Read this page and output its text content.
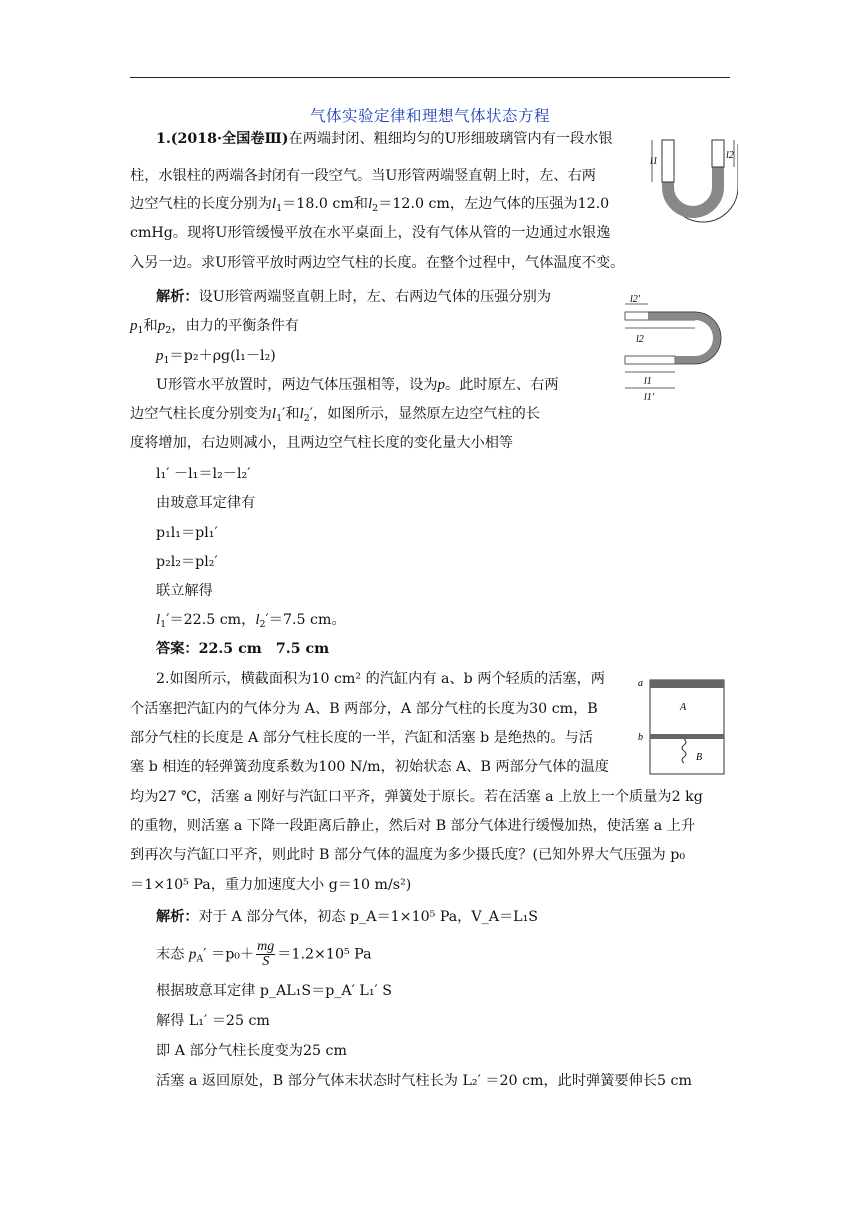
气体实验定律和理想气体状态方程
1.(2018·全国卷Ⅲ)在两端封闭、粗细均匀的U形细玻璃管内有一段水银
柱，水银柱的两端各封闭有一段空气。当U形管两端竖直朝上时，左、右两
边空气柱的长度分别为$l_1=18.0$ cm和$l_2=12.0$ cm，左边气体的压强为12.0
cmHg。现将U形管缓慢平放在水平桌面上，没有气体从管的一边通过水银逸
入另一边。求U形管平放时两边空气柱的长度。在整个过程中，气体温度不变。
l1
l2
解析：设U形管两端竖直朝上时，左、右两边气体的压强分别为
$p_1$和$p_2$，由力的平衡条件有
$p_1=p_2+\rho g(l_1-l_2)$
U形管水平放置时，两边气体压强相等，设为p。此时原左、右两
边空气柱长度分别变为$l_1'$和$l_2'$，如图所示，显然原左边空气柱的长
度将增加，右边则减小，且两边空气柱长度的变化量大小相等
l₁′ －l₁＝l₂－l₂′
由玻意耳定律有
p₁l₁＝pl₁′
p₂l₂＝pl₂′
联立解得
$l_1'=22.5$ cm，$l_2'=7.5$ cm。
答案：22.5 cm　7.5 cm
l2′
l2
l1
l1′
2.如图所示，横截面积为10 cm² 的汽缸内有 a、b 两个轻质的活塞，两
个活塞把汽缸内的气体分为 A、B 两部分，A 部分气柱的长度为30 cm，B
部分气柱的长度是 A 部分气柱长度的一半，汽缸和活塞 b 是绝热的。与活
塞 b 相连的轻弹簧劲度系数为100 N/m，初始状态 A、B 两部分气体的温度
均为27 ℃，活塞 a 刚好与汽缸口平齐，弹簧处于原长。若在活塞 a 上放上一个质量为2 kg
的重物，则活塞 a 下降一段距离后静止，然后对 B 部分气体进行缓慢加热，使活塞 a 上升
到再次与汽缸口平齐，则此时 B 部分气体的温度为多少摄氏度？(已知外界大气压强为 p₀
＝1×10⁵ Pa，重力加速度大小 g＝10 m/s²)
a
b
A
B
解析：对于 A 部分气体，初态 p_A＝1×10⁵ Pa，V_A＝L₁S
末态 $p_A' =p_0+ \frac{mg}{S} =1.2\times 10^5$ Pa
根据玻意耳定律 p_AL₁S＝p_A′ L₁′ S
解得 L₁′ ＝25 cm
即 A 部分气柱长度变为25 cm
活塞 a 返回原处，B 部分气体末状态时气柱长为 L₂′ ＝20 cm，此时弹簧要伸长5 cm
